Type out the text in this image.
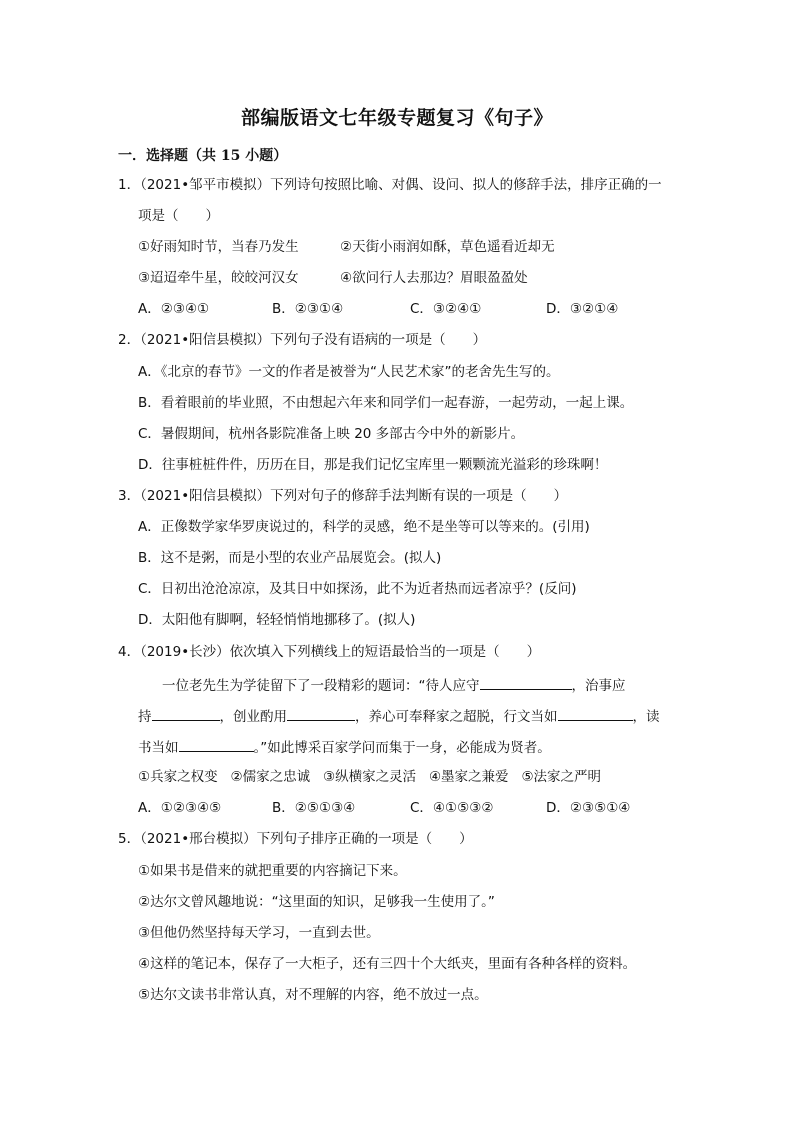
部编版语文七年级专题复习《句子》
一．选择题（共 15 小题）
1．（2021•邹平市模拟）下列诗句按照比喻、对偶、设问、拟人的修辞手法，排序正确的一
项是（　　）
①好雨知时节，当春乃发生	②天街小雨润如酥，草色遥看近却无
③迢迢牵牛星，皎皎河汉女	④欲问行人去那边？眉眼盈盈处
A．②③④①	B．②③①④	C．③②④①	D．③②①④
2．（2021•阳信县模拟）下列句子没有语病的一项是（　　）
A．《北京的春节》一文的作者是被誉为“人民艺术家”的老舍先生写的。
B．看着眼前的毕业照，不由想起六年来和同学们一起春游，一起劳动，一起上课。
C．暑假期间，杭州各影院准备上映 20 多部古今中外的新影片。
D．往事桩桩件件，历历在目，那是我们记忆宝库里一颗颗流光溢彩的珍珠啊！
3．（2021•阳信县模拟）下列对句子的修辞手法判断有误的一项是（　　）
A．正像数学家华罗庚说过的，科学的灵感，绝不是坐等可以等来的。(引用)
B．这不是粥，而是小型的农业产品展览会。(拟人)
C．日初出沧沧凉凉，及其日中如探汤，此不为近者热而远者凉乎？(反问)
D．太阳他有脚啊，轻轻悄悄地挪移了。(拟人)
4．（2019•长沙）依次填入下列横线上的短语最恰当的一项是（　　）
一位老先生为学徒留下了一段精彩的题词：“待人应守	，治事应
持	，创业酌用	，养心可奉释家之超脱，行文当如	，读
书当如	。”如此博采百家学问而集于一身，必能成为贤者。
①兵家之权变 ②儒家之忠诚 ③纵横家之灵活 ④墨家之兼爱 ⑤法家之严明
A．①②③④⑤	B．②⑤①③④	C．④①⑤③②	D．②③⑤①④
5．（2021•邢台模拟）下列句子排序正确的一项是（　　）
①如果书是借来的就把重要的内容摘记下来。
②达尔文曾风趣地说：“这里面的知识，足够我一生使用了。”
③但他仍然坚持每天学习，一直到去世。
④这样的笔记本，保存了一大柜子，还有三四十个大纸夹，里面有各种各样的资料。
⑤达尔文读书非常认真，对不理解的内容，绝不放过一点。
